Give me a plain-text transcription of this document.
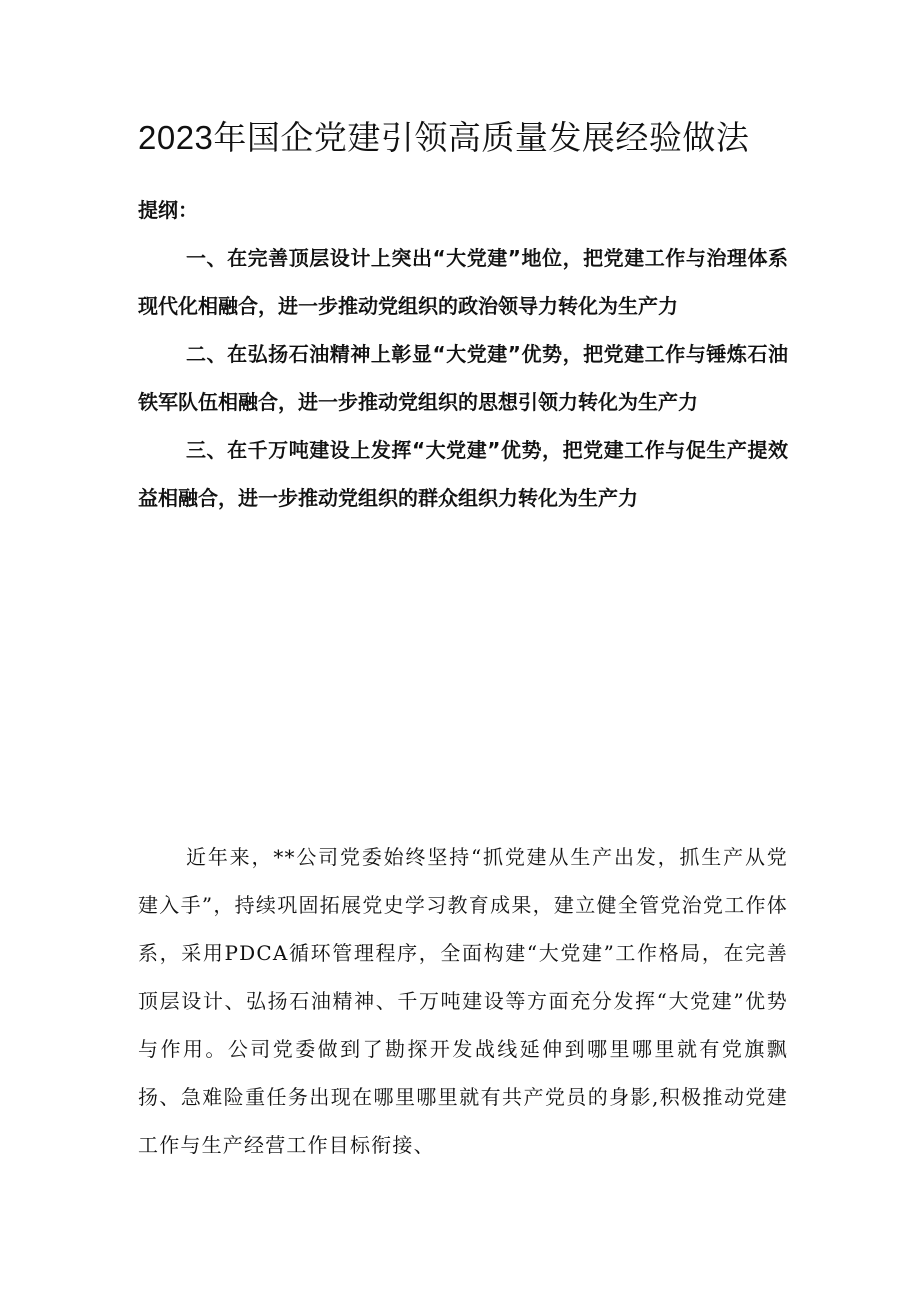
2023年国企党建引领高质量发展经验做法

提纲：

一、在完善顶层设计上突出“大党建”地位，把党建工作与治理体系现代化相融合，进一步推动党组织的政治领导力转化为生产力

二、在弘扬石油精神上彰显“大党建”优势，把党建工作与锤炼石油铁军队伍相融合，进一步推动党组织的思想引领力转化为生产力

三、在千万吨建设上发挥“大党建”优势，把党建工作与促生产提效益相融合，进一步推动党组织的群众组织力转化为生产力

近年来，**公司党委始终坚持“抓党建从生产出发，抓生产从党建入手”，持续巩固拓展党史学习教育成果，建立健全管党治党工作体系，采用PDCA循环管理程序，全面构建“大党建”工作格局，在完善顶层设计、弘扬石油精神、千万吨建设等方面充分发挥“大党建”优势与作用。公司党委做到了勘探开发战线延伸到哪里哪里就有党旗飘扬、急难险重任务出现在哪里哪里就有共产党员的身影,积极推动党建工作与生产经营工作目标衔接、
